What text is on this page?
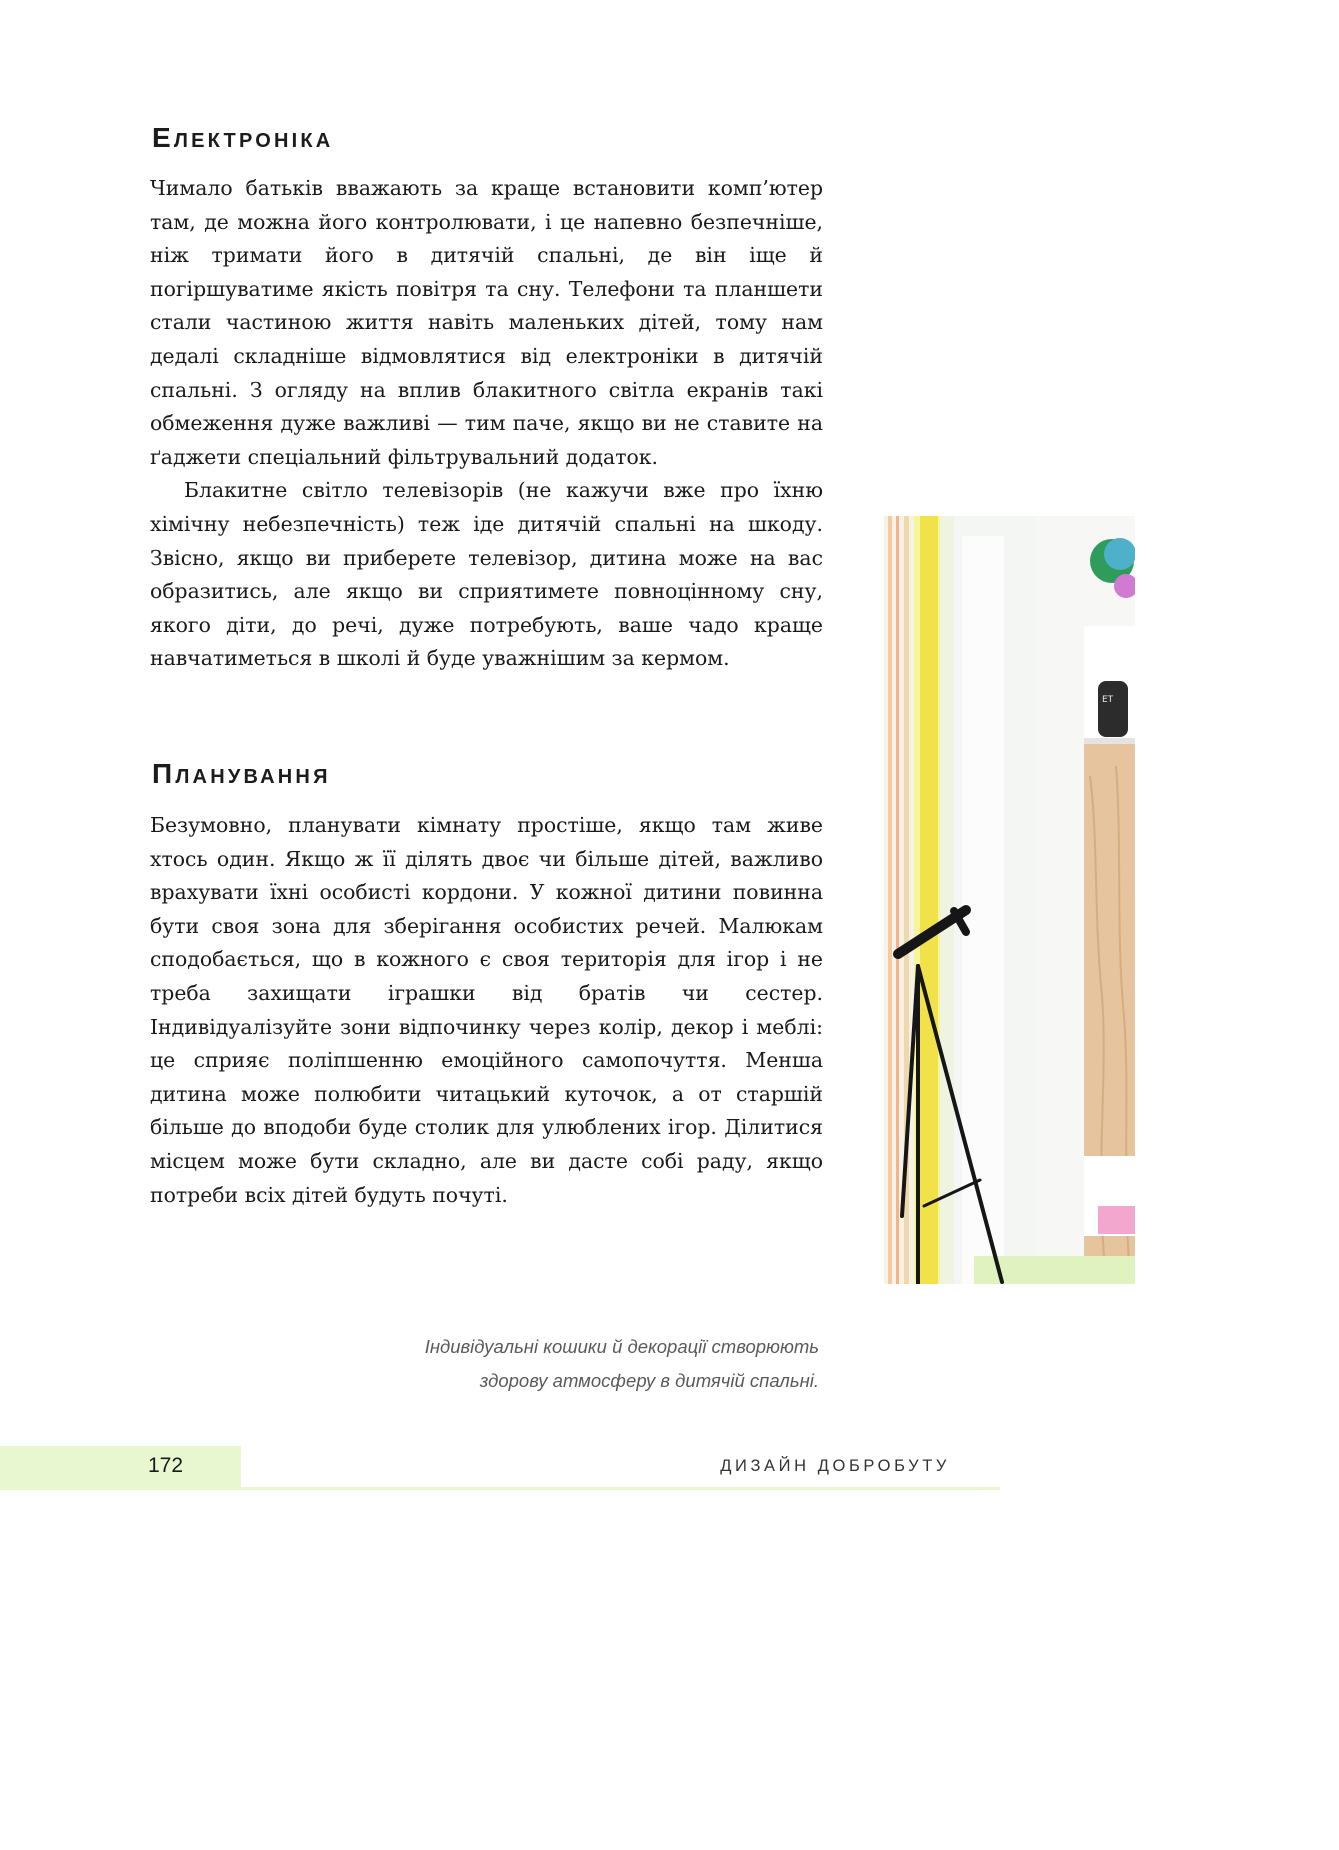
Електроніка

Чимало батьків вважають за краще встановити комп’ютер там, де можна його контролювати, і це напевно безпечніше, ніж тримати його в дитячій спальні, де він іще й погіршуватиме якість повітря та сну. Телефони та планшети стали частиною життя навіть маленьких дітей, тому нам дедалі складніше відмовлятися від електроніки в дитячій спальні. З огляду на вплив блакитного світла екранів такі обмеження дуже важливі — тим паче, якщо ви не ставите на ґаджети спеціальний фільтрувальний додаток.

Блакитне світло телевізорів (не кажучи вже про їхню хімічну небезпечність) теж іде дитячій спальні на шкоду. Звісно, якщо ви приберете телевізор, дитина може на вас образитись, але якщо ви сприятимете повноцінному сну, якого діти, до речі, дуже потребують, ваше чадо краще навчатиметься в школі й буде уважнішим за кермом.

Планування

Безумовно, планувати кімнату простіше, якщо там живе хтось один. Якщо ж її ділять двоє чи більше дітей, важливо врахувати їхні особисті кордони. У кожної дитини повинна бути своя зона для зберігання особистих речей. Малюкам сподобається, що в кожного є своя територія для ігор і не треба захищати іграшки від братів чи сестер. Індивідуалізуйте зони відпочинку через колір, декор і меблі: це сприяє поліпшенню емоційного самопочуття. Менша дитина може полюбити читацький куточок, а от старшій більше до вподоби буде столик для улюблених ігор. Ділитися місцем може бути складно, але ви дасте собі раду, якщо потреби всіх дітей будуть почуті.

ET

Індивідуальні кошики й декорації створюють
здорову атмосферу в дитячій спальні.

172	ДИЗАЙН ДОБРОБУТУ
